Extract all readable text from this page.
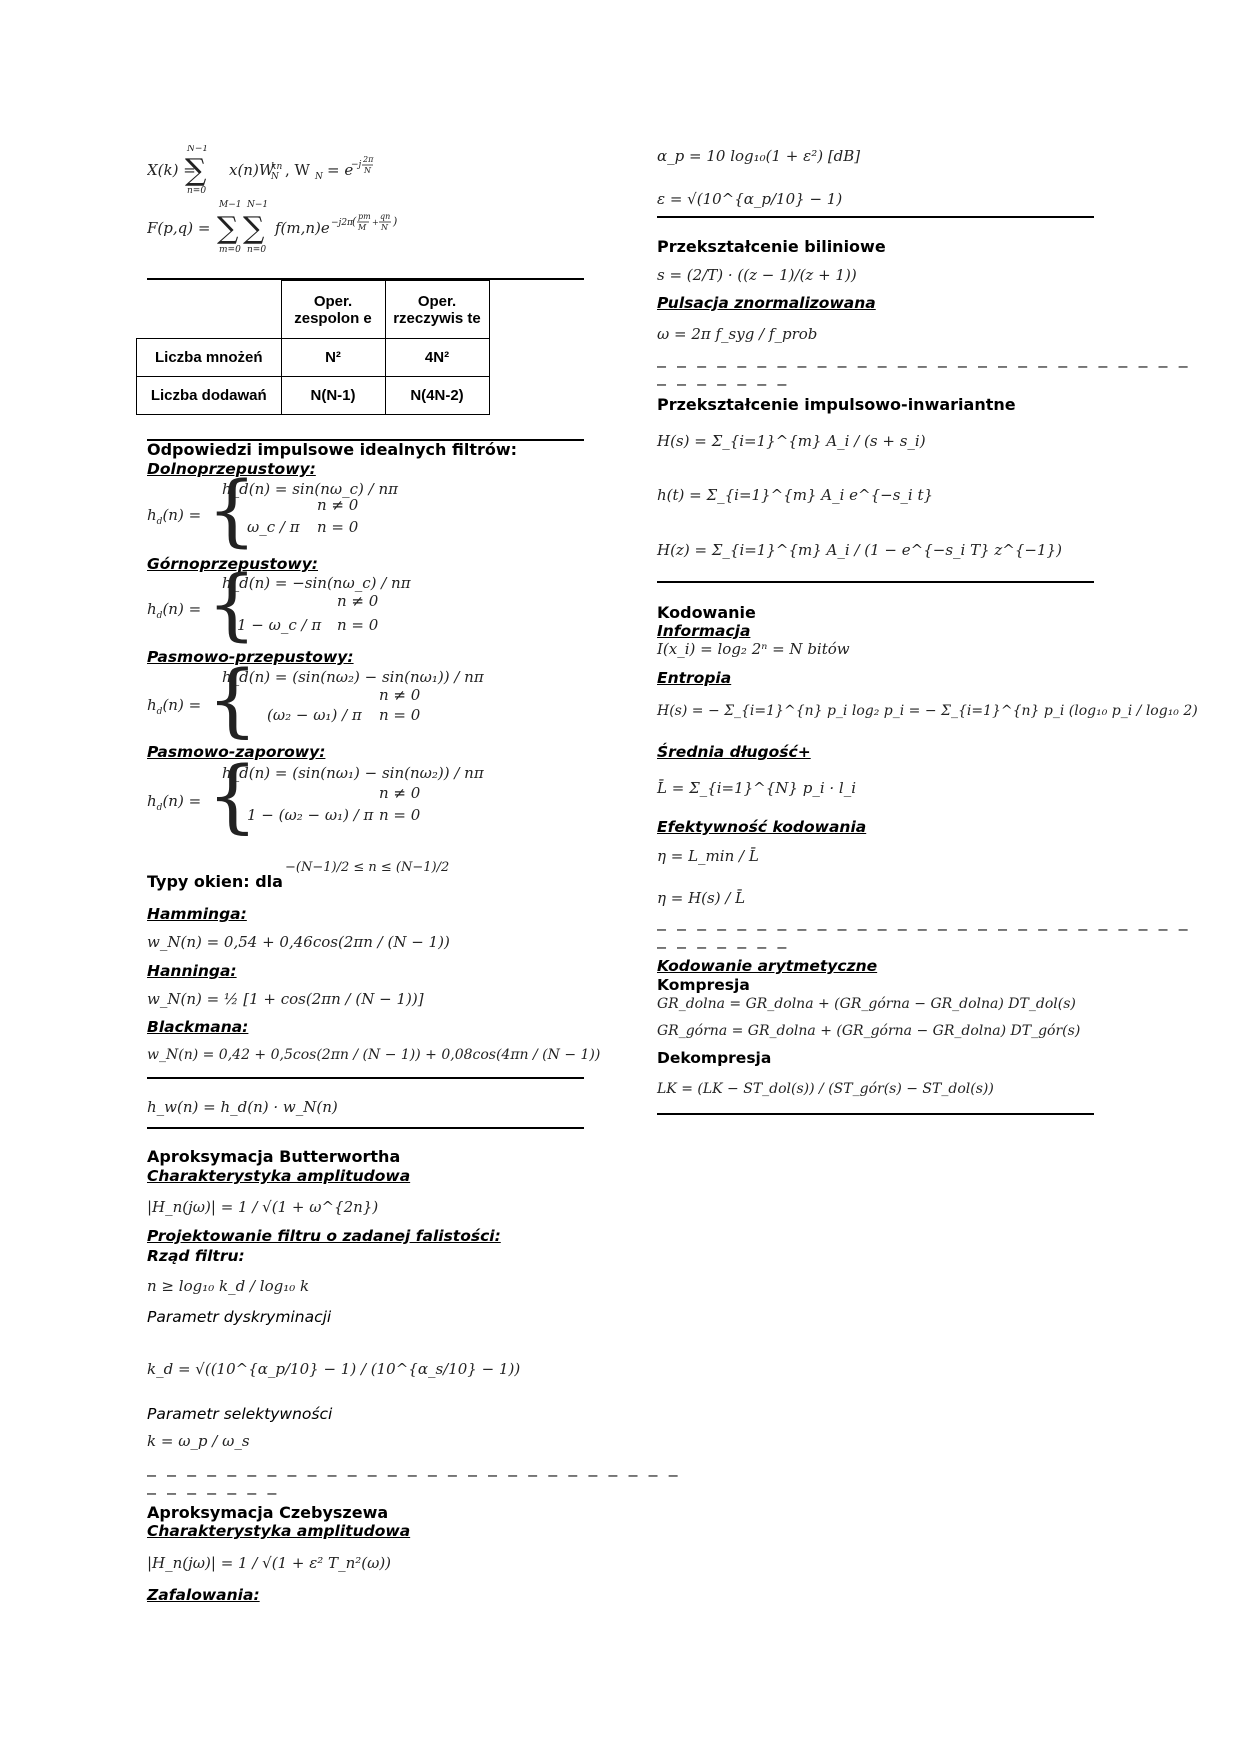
X(k) =
∑
N−1
n=0
x(n)W
N
kn , W N = e
−j
2π
N
F(p,q) = ∑ ∑
M−1 N−1
m=0 n=0
f(m,n)e −j2π ( pm
M
+
qn
N )
	Oper. zespolon e	Oper. rzeczywis te
Liczba mnożeń	N²	4N²
Liczba dodawań	N(N-1)	N(4N-2)
Odpowiedzi impulsowe idealnych filtrów:
Dolnoprzepustowy:
$h_d(n)$ = {
h_d(n) = sin(nω_c) / nπ
n ≠ 0
ω_c / π n = 0
Górnoprzepustowy:
$h_d(n)$ = {
h_d(n) = −sin(nω_c) / nπ
n ≠ 0
1 − ω_c / π n = 0
Pasmowo-przepustowy:
$h_d(n)$ = {
h_d(n) = (sin(nω₂) − sin(nω₁)) / nπ
n ≠ 0
(ω₂ − ω₁) / π n = 0
Pasmowo-zaporowy:
$h_d(n)$ = {
h_d(n) = (sin(nω₁) − sin(nω₂)) / nπ
n ≠ 0
1 − (ω₂ − ω₁) / π n = 0
Typy okien: dla
−(N−1)/2 ≤ n ≤ (N−1)/2
Hamminga:
w_N(n) = 0,54 + 0,46cos(2πn / (N − 1))
Hanninga:
w_N(n) = ½ [1 + cos(2πn / (N − 1))]
Blackmana:
w_N(n) = 0,42 + 0,5cos(2πn / (N − 1)) + 0,08cos(4πn / (N − 1))
h_w(n) = h_d(n) · w_N(n)
Aproksymacja Butterwortha
Charakterystyka amplitudowa
|H_n(jω)| = 1 / √(1 + ω^{2n})
Projektowanie filtru o zadanej falistości:
Rząd filtru:
n ≥ log₁₀ k_d / log₁₀ k
Parametr dyskryminacji
k_d = √((10^{α_p/10} − 1) / (10^{α_s/10} − 1))
Parametr selektywności
k = ω_p / ω_s
– – – – – – – – – – – – – – – – – – – – – – – – – – –
– – – – – – –
Aproksymacja Czebyszewa
Charakterystyka amplitudowa
|H_n(jω)| = 1 / √(1 + ε² T_n²(ω))
Zafalowania:
α_p = 10 log₁₀(1 + ε²) [dB]
ε = √(10^{α_p/10} − 1)
Przekształcenie biliniowe
s = (2/T) · ((z − 1)/(z + 1))
Pulsacja znormalizowana
ω = 2π f_syg / f_prob
– – – – – – – – – – – – – – – – – – – – – – – – – – –
– – – – – – –
Przekształcenie impulsowo-inwariantne
H(s) = Σ_{i=1}^{m} A_i / (s + s_i)
h(t) = Σ_{i=1}^{m} A_i e^{−s_i t}
H(z) = Σ_{i=1}^{m} A_i / (1 − e^{−s_i T} z^{−1})
Kodowanie
Informacja
I(x_i) = log₂ 2ⁿ = N bitów
Entropia
H(s) = − Σ_{i=1}^{n} p_i log₂ p_i = − Σ_{i=1}^{n} p_i (log₁₀ p_i / log₁₀ 2)
Średnia długość+
L̄ = Σ_{i=1}^{N} p_i · l_i
Efektywność kodowania
η = L_min / L̄
η = H(s) / L̄
– – – – – – – – – – – – – – – – – – – – – – – – – – –
– – – – – – –
Kodowanie arytmetyczne
Kompresja
GR_dolna = GR_dolna + (GR_górna − GR_dolna) DT_dol(s)
GR_górna = GR_dolna + (GR_górna − GR_dolna) DT_gór(s)
Dekompresja
LK = (LK − ST_dol(s)) / (ST_gór(s) − ST_dol(s))
